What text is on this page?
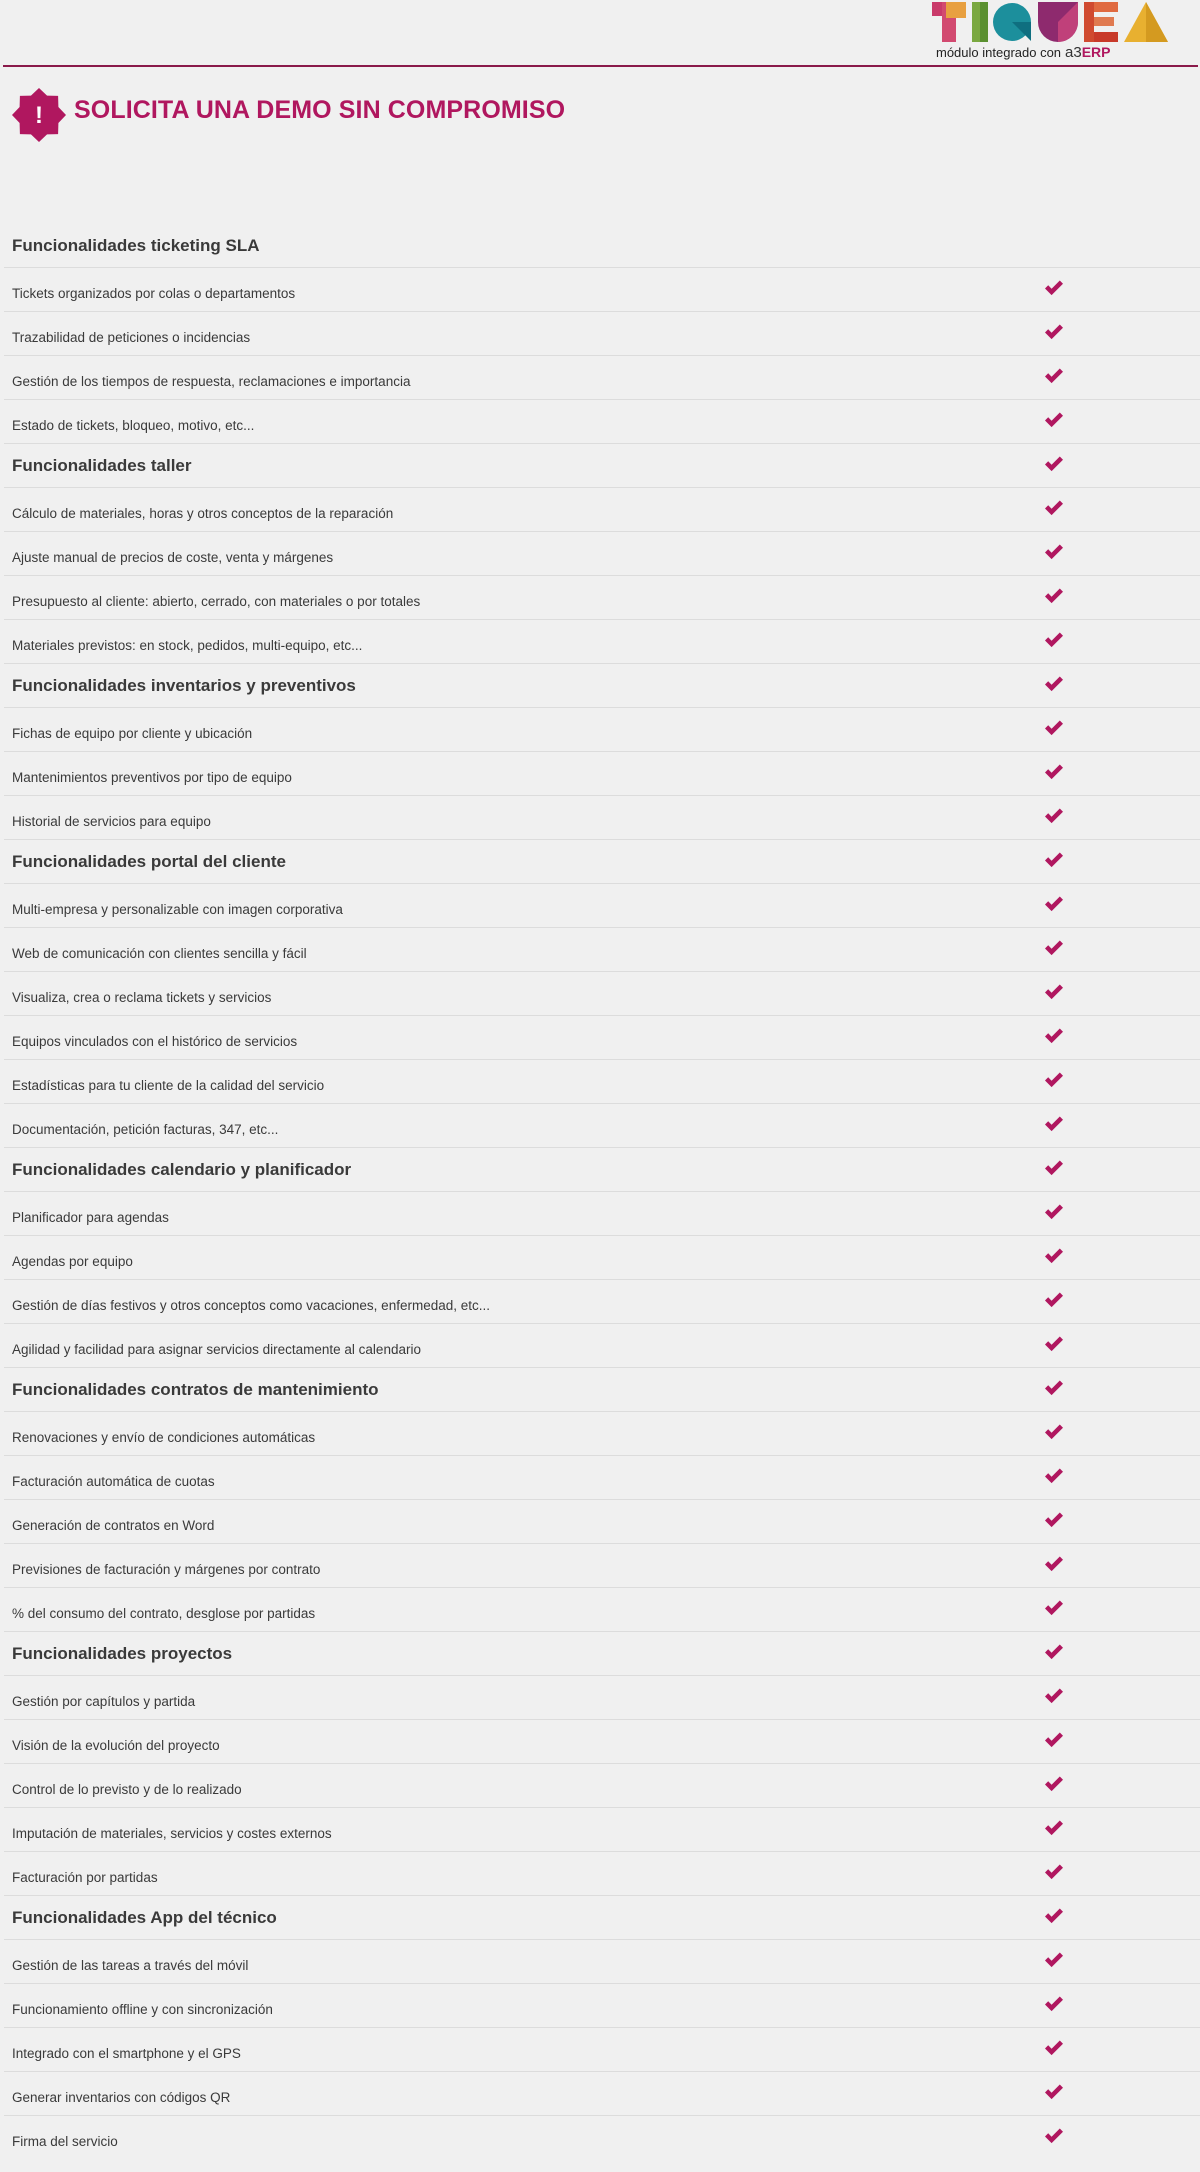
módulo integrado con a3ERP
! SOLICITA UNA DEMO SIN COMPROMISO
Funcionalidades ticketing SLA
Tickets organizados por colas o departamentos
Trazabilidad de peticiones o incidencias
Gestión de los tiempos de respuesta, reclamaciones e importancia
Estado de tickets, bloqueo, motivo, etc...
Funcionalidades taller
Cálculo de materiales, horas y otros conceptos de la reparación
Ajuste manual de precios de coste, venta y márgenes
Presupuesto al cliente: abierto, cerrado, con materiales o por totales
Materiales previstos: en stock, pedidos, multi-equipo, etc...
Funcionalidades inventarios y preventivos
Fichas de equipo por cliente y ubicación
Mantenimientos preventivos por tipo de equipo
Historial de servicios para equipo
Funcionalidades portal del cliente
Multi-empresa y personalizable con imagen corporativa
Web de comunicación con clientes sencilla y fácil
Visualiza, crea o reclama tickets y servicios
Equipos vinculados con el histórico de servicios
Estadísticas para tu cliente de la calidad del servicio
Documentación, petición facturas, 347, etc...
Funcionalidades calendario y planificador
Planificador para agendas
Agendas por equipo
Gestión de días festivos y otros conceptos como vacaciones, enfermedad, etc...
Agilidad y facilidad para asignar servicios directamente al calendario
Funcionalidades contratos de mantenimiento
Renovaciones y envío de condiciones automáticas
Facturación automática de cuotas
Generación de contratos en Word
Previsiones de facturación y márgenes por contrato
% del consumo del contrato, desglose por partidas
Funcionalidades proyectos
Gestión por capítulos y partida
Visión de la evolución del proyecto
Control de lo previsto y de lo realizado
Imputación de materiales, servicios y costes externos
Facturación por partidas
Funcionalidades App del técnico
Gestión de las tareas a través del móvil
Funcionamiento offline y con sincronización
Integrado con el smartphone y el GPS
Generar inventarios con códigos QR
Firma del servicio
